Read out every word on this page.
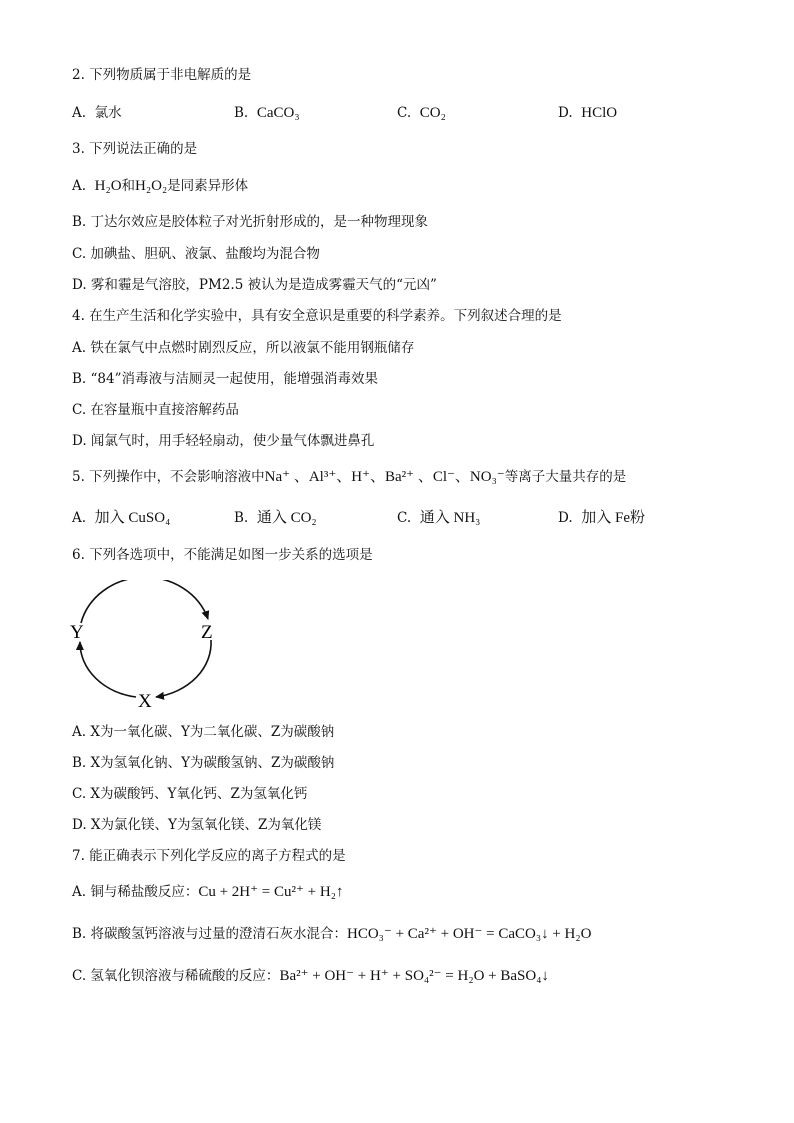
2. 下列物质属于非电解质的是
A. 氯水	B. CaCO₃	C. CO₂	D. HClO
3. 下列说法正确的是
A. H₂O和H₂O₂是同素异形体
B. 丁达尔效应是胶体粒子对光折射形成的，是一种物理现象
C. 加碘盐、胆矾、液氯、盐酸均为混合物
D. 雾和霾是气溶胶，PM2.5 被认为是造成雾霾天气的“元凶”
4. 在生产生活和化学实验中，具有安全意识是重要的科学素养。下列叙述合理的是
A. 铁在氯气中点燃时剧烈反应，所以液氯不能用钢瓶储存
B. “84”消毒液与洁厕灵一起使用，能增强消毒效果
C. 在容量瓶中直接溶解药品
D. 闻氯气时，用手轻轻扇动，使少量气体飘进鼻孔
5. 下列操作中，不会影响溶液中Na⁺ 、Al³⁺、H⁺、Ba²⁺ 、Cl⁻、NO₃⁻等离子大量共存的是
A. 加入 CuSO₄	B. 通入 CO₂	C. 通入 NH₃	D. 加入 Fe粉
6. 下列各选项中，不能满足如图一步关系的选项是
Y	Z
X
A. X为一氧化碳、Y为二氧化碳、Z为碳酸钠
B. X为氢氧化钠、Y为碳酸氢钠、Z为碳酸钠
C. X为碳酸钙、Y氧化钙、Z为氢氧化钙
D. X为氯化镁、Y为氢氧化镁、Z为氧化镁
7. 能正确表示下列化学反应的离子方程式的是
A. 铜与稀盐酸反应：Cu + 2H⁺ = Cu²⁺ + H₂↑
B. 将碳酸氢钙溶液与过量的澄清石灰水混合：HCO₃⁻ + Ca²⁺ + OH⁻ = CaCO₃↓ + H₂O
C. 氢氧化钡溶液与稀硫酸的反应：Ba²⁺ + OH⁻ + H⁺ + SO₄²⁻ = H₂O + BaSO₄↓
